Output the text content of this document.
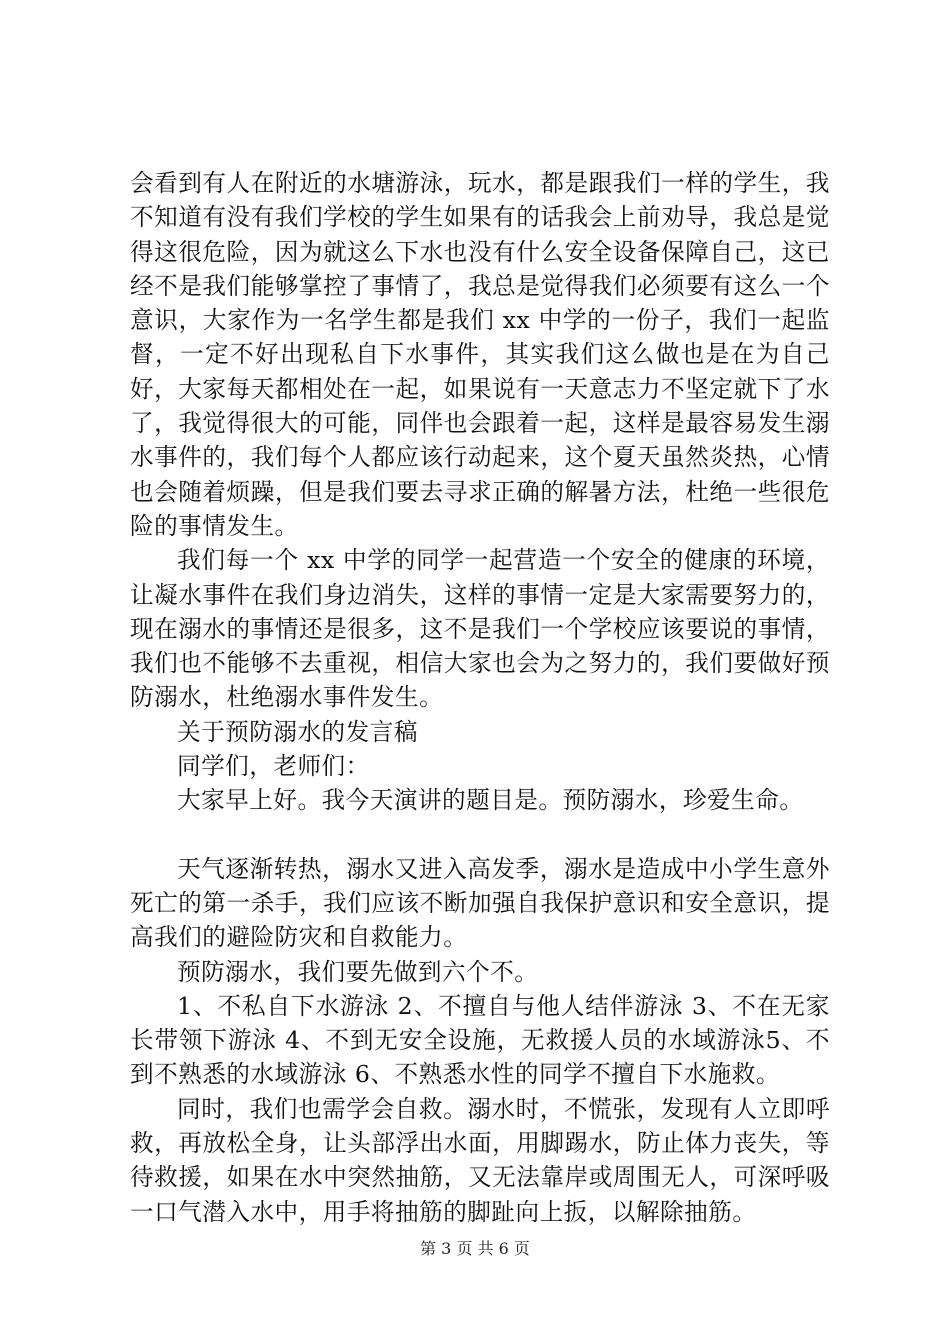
会看到有人在附近的水塘游泳，玩水，都是跟我们一样的学生，我不知道有没有我们学校的学生如果有的话我会上前劝导，我总是觉得这很危险，因为就这么下水也没有什么安全设备保障自己，这已经不是我们能够掌控了事情了，我总是觉得我们必须要有这么一个意识，大家作为一名学生都是我们 xx 中学的一份子，我们一起监督，一定不好出现私自下水事件，其实我们这么做也是在为自己好，大家每天都相处在一起，如果说有一天意志力不坚定就下了水了，我觉得很大的可能，同伴也会跟着一起，这样是最容易发生溺水事件的，我们每个人都应该行动起来，这个夏天虽然炎热，心情也会随着烦躁，但是我们要去寻求正确的解暑方法，杜绝一些很危险的事情发生。

我们每一个 xx 中学的同学一起营造一个安全的健康的环境，让凝水事件在我们身边消失，这样的事情一定是大家需要努力的，现在溺水的事情还是很多，这不是我们一个学校应该要说的事情，我们也不能够不去重视，相信大家也会为之努力的，我们要做好预防溺水，杜绝溺水事件发生。

关于预防溺水的发言稿

同学们，老师们：

大家早上好。我今天演讲的题目是。预防溺水，珍爱生命。

天气逐渐转热，溺水又进入高发季，溺水是造成中小学生意外死亡的第一杀手，我们应该不断加强自我保护意识和安全意识，提高我们的避险防灾和自救能力。

预防溺水，我们要先做到六个不。

1、不私自下水游泳 2、不擅自与他人结伴游泳 3、不在无家长带领下游泳 4、不到无安全设施，无救援人员的水域游泳5、不到不熟悉的水域游泳 6、不熟悉水性的同学不擅自下水施救。

同时，我们也需学会自救。溺水时，不慌张，发现有人立即呼救，再放松全身，让头部浮出水面，用脚踢水，防止体力丧失，等待救援，如果在水中突然抽筋，又无法靠岸或周围无人，可深呼吸一口气潜入水中，用手将抽筋的脚趾向上扳，以解除抽筋。

第 3 页 共 6 页
